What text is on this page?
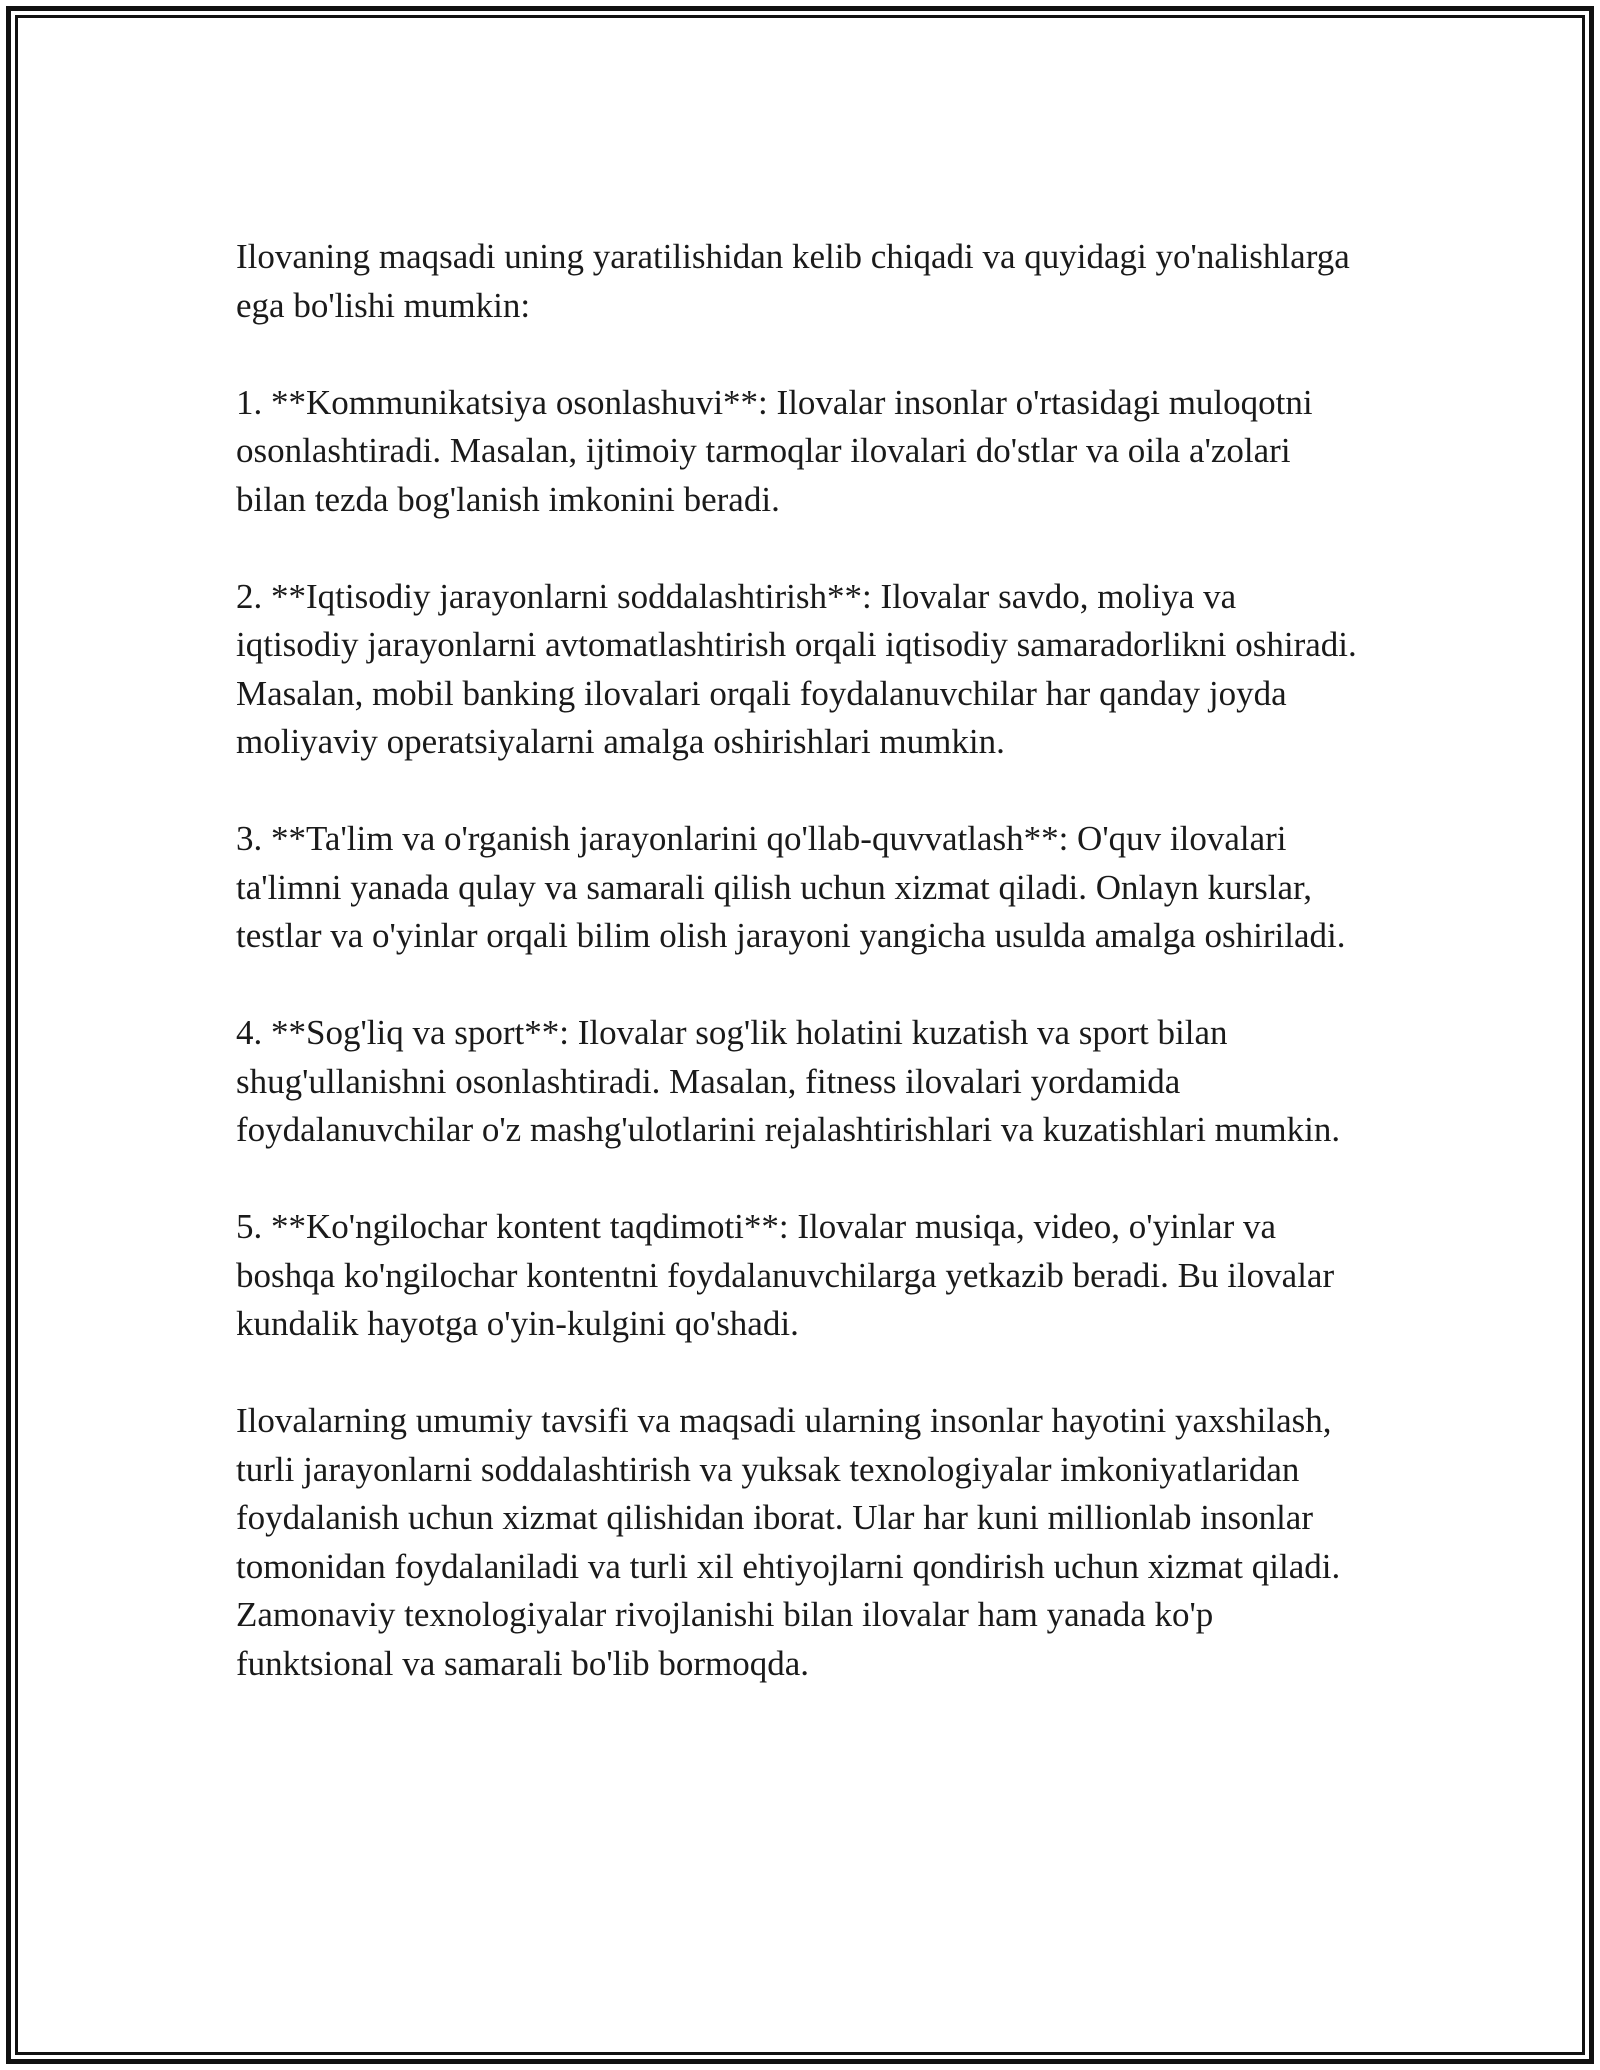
Ilovaning maqsadi uning yaratilishidan kelib chiqadi va quyidagi yo'nalishlarga ega bo'lishi mumkin:

1. **Kommunikatsiya osonlashuvi**: Ilovalar insonlar o'rtasidagi muloqotni osonlashtiradi. Masalan, ijtimoiy tarmoqlar ilovalari do'stlar va oila a'zolari bilan tezda bog'lanish imkonini beradi.

2. **Iqtisodiy jarayonlarni soddalashtirish**: Ilovalar savdo, moliya va iqtisodiy jarayonlarni avtomatlashtirish orqali iqtisodiy samaradorlikni oshiradi. Masalan, mobil banking ilovalari orqali foydalanuvchilar har qanday joyda moliyaviy operatsiyalarni amalga oshirishlari mumkin.

3. **Ta'lim va o'rganish jarayonlarini qo'llab-quvvatlash**: O'quv ilovalari ta'limni yanada qulay va samarali qilish uchun xizmat qiladi. Onlayn kurslar, testlar va o'yinlar orqali bilim olish jarayoni yangicha usulda amalga oshiriladi.

4. **Sog'liq va sport**: Ilovalar sog'lik holatini kuzatish va sport bilan shug'ullanishni osonlashtiradi. Masalan, fitness ilovalari yordamida foydalanuvchilar o'z mashg'ulotlarini rejalashtirishlari va kuzatishlari mumkin.

5. **Ko'ngilochar kontent taqdimoti**: Ilovalar musiqa, video, o'yinlar va boshqa ko'ngilochar kontentni foydalanuvchilarga yetkazib beradi. Bu ilovalar kundalik hayotga o'yin-kulgini qo'shadi.

Ilovalarning umumiy tavsifi va maqsadi ularning insonlar hayotini yaxshilash, turli jarayonlarni soddalashtirish va yuksak texnologiyalar imkoniyatlaridan foydalanish uchun xizmat qilishidan iborat. Ular har kuni millionlab insonlar tomonidan foydalaniladi va turli xil ehtiyojlarni qondirish uchun xizmat qiladi. Zamonaviy texnologiyalar rivojlanishi bilan ilovalar ham yanada ko'p funktsional va samarali bo'lib bormoqda.
